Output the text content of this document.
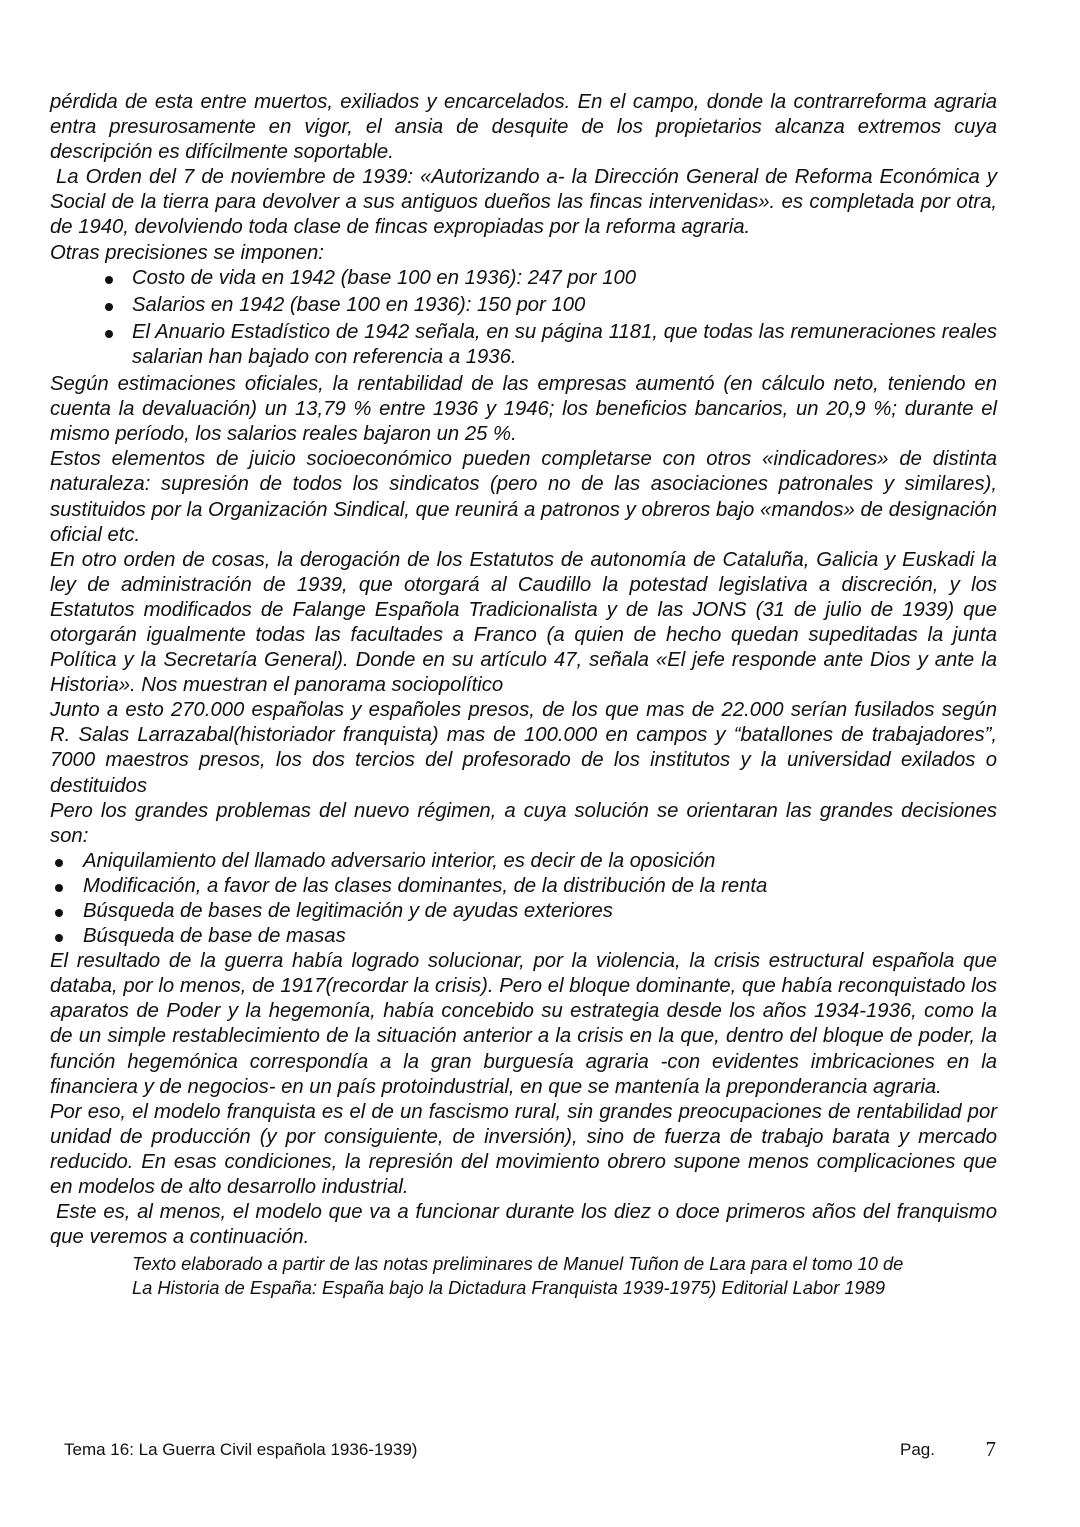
pérdida de esta entre muertos, exiliados y encarcelados. En el campo, donde la contrarreforma agraria entra presurosamente en vigor, el ansia de desquite de los propietarios alcanza extremos cuya descripción es difícilmente soportable.

La Orden del 7 de noviembre de 1939: «Autorizando a- la Dirección General de Reforma Económica y Social de la tierra para devolver a sus antiguos dueños las fincas intervenidas». es completada por otra, de 1940, devolviendo toda clase de fincas expropiadas por la reforma agraria.

Otras precisiones se imponen:

Costo de vida en 1942 (base 100 en 1936): 247 por 100
Salarios en 1942 (base 100 en 1936): 150 por 100
El Anuario Estadístico de 1942 señala, en su página 1181, que todas las remuneraciones reales salarian han bajado con referencia a 1936.

Según estimaciones oficiales, la rentabilidad de las empresas aumentó (en cálculo neto, teniendo en cuenta la devaluación) un 13,79 % entre 1936 y 1946; los beneficios bancarios, un 20,9 %; durante el mismo período, los salarios reales bajaron un 25 %.

Estos elementos de juicio socioeconómico pueden completarse con otros «indicadores» de distinta naturaleza: supresión de todos los sindicatos (pero no de las asociaciones patronales y similares), sustituidos por la Organización Sindical, que reunirá a patronos y obreros bajo «mandos» de designación oficial etc.

En otro orden de cosas, la derogación de los Estatutos de autonomía de Cataluña, Galicia y Euskadi la ley de administración de 1939, que otorgará al Caudillo la potestad legislativa a discreción, y los Estatutos modificados de Falange Española Tradicionalista y de las JONS (31 de julio de 1939) que otorgarán igualmente todas las facultades a Franco (a quien de hecho quedan supeditadas la junta Política y la Secretaría General). Donde en su artículo 47, señala «El jefe responde ante Dios y ante la Historia». Nos muestran el panorama sociopolítico

Junto a esto 270.000 españolas y españoles presos, de los que mas de 22.000 serían fusilados según R. Salas Larrazabal(historiador franquista) mas de 100.000 en campos y “batallones de trabajadores”, 7000 maestros presos, los dos tercios del profesorado de los institutos y la universidad exilados o destituidos

Pero los grandes problemas del nuevo régimen, a cuya solución se orientaran las grandes decisiones son:

Aniquilamiento del llamado adversario interior, es decir de la oposición
Modificación, a favor de las clases dominantes, de la distribución de la renta
Búsqueda de bases de legitimación y de ayudas exteriores
Búsqueda de base de masas

El resultado de la guerra había logrado solucionar, por la violencia, la crisis estructural española que databa, por lo menos, de 1917(recordar la crisis). Pero el bloque dominante, que había reconquistado los aparatos de Poder y la hegemonía, había concebido su estrategia desde los años 1934-1936, como la de un simple restablecimiento de la situación anterior a la crisis en la que, dentro del bloque de poder, la función hegemónica correspondía a la gran burguesía agraria -con evidentes imbricaciones en la financiera y de negocios- en un país protoindustrial, en que se mantenía la preponderancia agraria.

Por eso, el modelo franquista es el de un fascismo rural, sin grandes preocupaciones de rentabilidad por unidad de producción (y por consiguiente, de inversión), sino de fuerza de trabajo barata y mercado reducido. En esas condiciones, la represión del movimiento obrero supone menos complicaciones que en modelos de alto desarrollo industrial.

Este es, al menos, el modelo que va a funcionar durante los diez o doce primeros años del franquismo que veremos a continuación.

Texto elaborado a partir de las notas preliminares de Manuel Tuñon de Lara para el tomo 10 de
La Historia de España: España bajo la Dictadura Franquista 1939-1975) Editorial Labor 1989
Tema 16: La Guerra Civil española 1936-1939)	Pag. 7
